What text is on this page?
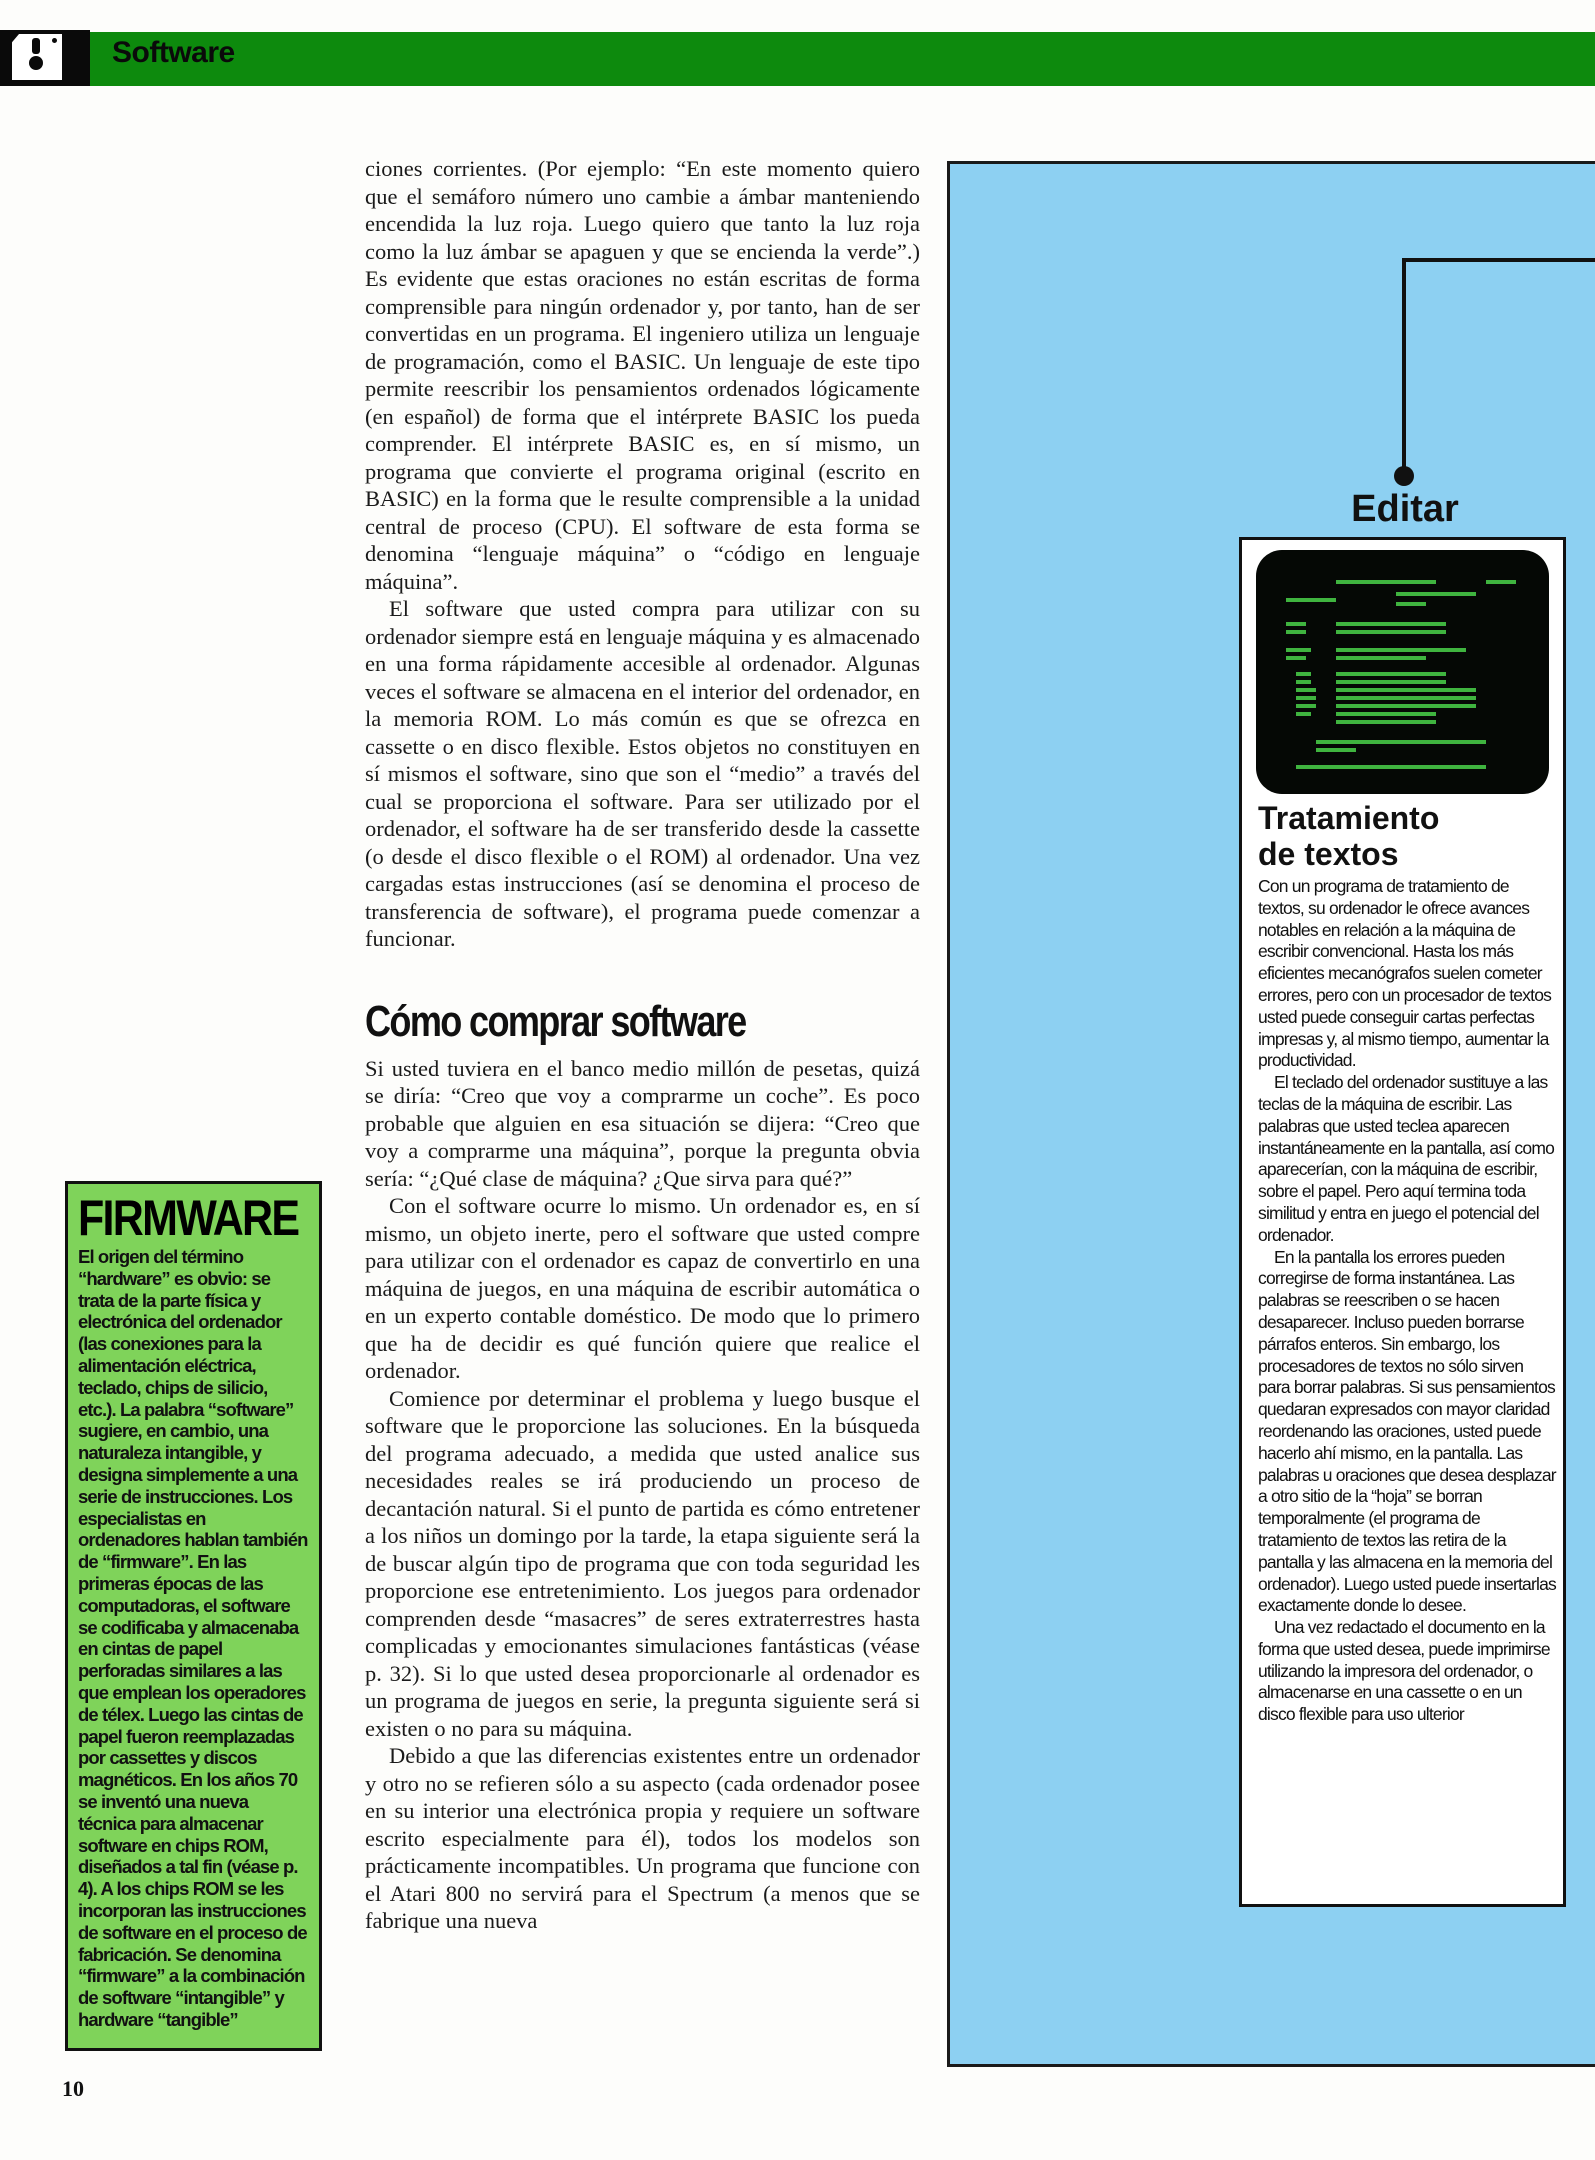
Software

ciones corrientes. (Por ejemplo: “En este momento quiero que el semáforo número uno cambie a ámbar manteniendo encendida la luz roja. Luego quiero que tanto la luz roja como la luz ámbar se apaguen y que se encienda la verde”.) Es evidente que estas oraciones no están escritas de forma comprensible para ningún ordenador y, por tanto, han de ser convertidas en un programa. El ingeniero utiliza un lenguaje de programación, como el BASIC. Un lenguaje de este tipo permite reescribir los pensamientos ordenados lógicamente (en español) de forma que el intérprete BASIC los pueda comprender. El intérprete BASIC es, en sí mismo, un programa que convierte el programa original (escrito en BASIC) en la forma que le resulte comprensible a la unidad central de proceso (CPU). El software de esta forma se denomina “lenguaje máquina” o “código en lenguaje máquina”.

El software que usted compra para utilizar con su ordenador siempre está en lenguaje máquina y es almacenado en una forma rápidamente accesible al ordenador. Algunas veces el software se almacena en el interior del ordenador, en la memoria ROM. Lo más común es que se ofrezca en cassette o en disco flexible. Estos objetos no constituyen en sí mismos el software, sino que son el “medio” a través del cual se proporciona el software. Para ser utilizado por el ordenador, el software ha de ser transferido desde la cassette (o desde el disco flexible o el ROM) al ordenador. Una vez cargadas estas instrucciones (así se denomina el proceso de transferencia de software), el programa puede comenzar a funcionar.

Cómo comprar software

Si usted tuviera en el banco medio millón de pesetas, quizá se diría: “Creo que voy a comprarme un coche”. Es poco probable que alguien en esa situación se dijera: “Creo que voy a comprarme una máquina”, porque la pregunta obvia sería: “¿Qué clase de máquina? ¿Que sirva para qué?”

Con el software ocurre lo mismo. Un ordenador es, en sí mismo, un objeto inerte, pero el software que usted compre para utilizar con el ordenador es capaz de convertirlo en una máquina de juegos, en una máquina de escribir automática o en un experto contable doméstico. De modo que lo primero que ha de decidir es qué función quiere que realice el ordenador.

Comience por determinar el problema y luego busque el software que le proporcione las soluciones. En la búsqueda del programa adecuado, a medida que usted analice sus necesidades reales se irá produciendo un proceso de decantación natural. Si el punto de partida es cómo entretener a los niños un domingo por la tarde, la etapa siguiente será la de buscar algún tipo de programa que con toda seguridad les proporcione ese entretenimiento. Los juegos para ordenador comprenden desde “masacres” de seres extraterrestres hasta complicadas y emocionantes simulaciones fantásticas (véase p. 32). Si lo que usted desea proporcionarle al ordenador es un programa de juegos en serie, la pregunta siguiente será si existen o no para su máquina.

Debido a que las diferencias existentes entre un ordenador y otro no se refieren sólo a su aspecto (cada ordenador posee en su interior una electrónica propia y requiere un software escrito especialmente para él), todos los modelos son prácticamente incompatibles. Un programa que funcione con el Atari 800 no servirá para el Spectrum (a menos que se fabrique una nueva

FIRMWARE

El origen del término “hardware” es obvio: se trata de la parte física y electrónica del ordenador (las conexiones para la alimentación eléctrica, teclado, chips de silicio, etc.). La palabra “software” sugiere, en cambio, una naturaleza intangible, y designa simplemente a una serie de instrucciones. Los especialistas en ordenadores hablan también de “firmware”. En las primeras épocas de las computadoras, el software se codificaba y almacenaba en cintas de papel perforadas similares a las que emplean los operadores de télex. Luego las cintas de papel fueron reemplazadas por cassettes y discos magnéticos. En los años 70 se inventó una nueva técnica para almacenar software en chips ROM, diseñados a tal fin (véase p. 4). A los chips ROM se les incorporan las instrucciones de software en el proceso de fabricación. Se denomina “firmware” a la combinación de software “intangible” y hardware “tangible”

Editar
Tratamiento
de textos

Con un programa de tratamiento de textos, su ordenador le ofrece avances notables en relación a la máquina de escribir convencional. Hasta los más eficientes mecanógrafos suelen cometer errores, pero con un procesador de textos usted puede conseguir cartas perfectas impresas y, al mismo tiempo, aumentar la productividad.

El teclado del ordenador sustituye a las teclas de la máquina de escribir. Las palabras que usted teclea aparecen instantáneamente en la pantalla, así como aparecerían, con la máquina de escribir, sobre el papel. Pero aquí termina toda similitud y entra en juego el potencial del ordenador.

En la pantalla los errores pueden corregirse de forma instantánea. Las palabras se reescriben o se hacen desaparecer. Incluso pueden borrarse párrafos enteros. Sin embargo, los procesadores de textos no sólo sirven para borrar palabras. Si sus pensamientos quedaran expresados con mayor claridad reordenando las oraciones, usted puede hacerlo ahí mismo, en la pantalla. Las palabras u oraciones que desea desplazar a otro sitio de la “hoja” se borran temporalmente (el programa de tratamiento de textos las retira de la pantalla y las almacena en la memoria del ordenador). Luego usted puede insertarlas exactamente donde lo desee.

Una vez redactado el documento en la forma que usted desea, puede imprimirse utilizando la impresora del ordenador, o almacenarse en una cassette o en un disco flexible para uso ulterior

10
